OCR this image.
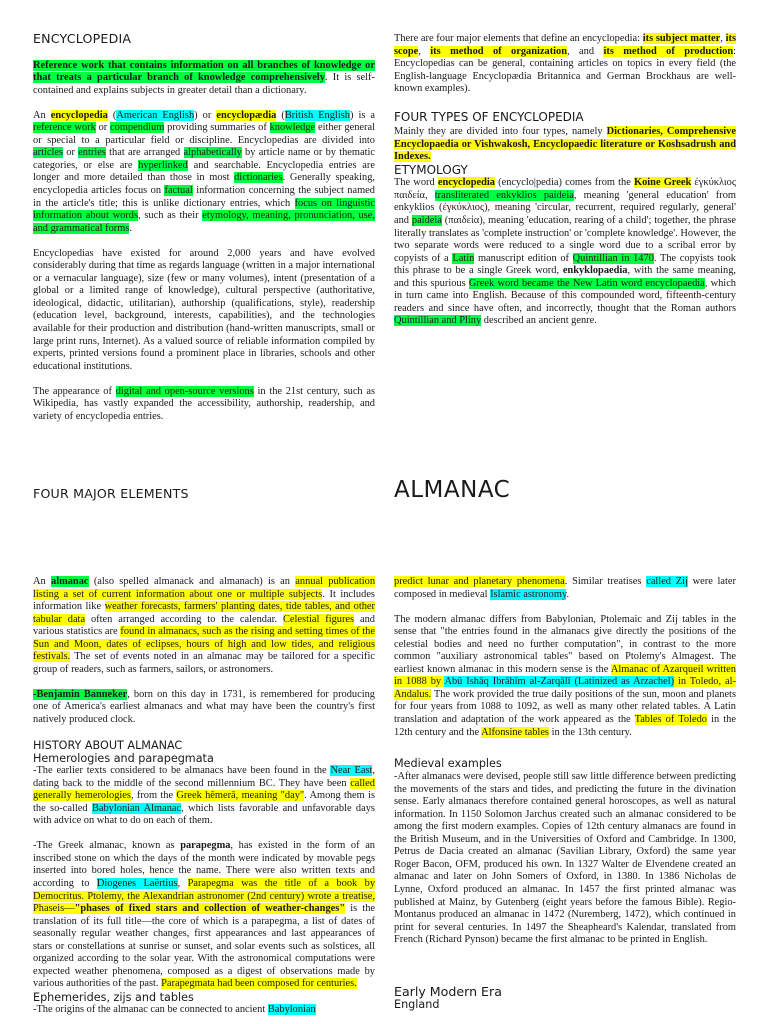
ENCYCLOPEDIA

Reference work that contains information on all branches of knowledge or that treats a particular branch of knowledge comprehensively. It is self-contained and explains subjects in greater detail than a dictionary.

An encyclopedia (American English) or encyclopædia (British English) is a reference work or compendium providing summaries of knowledge either general or special to a particular field or discipline. Encyclopedias are divided into articles or entries that are arranged alphabetically by article name or by thematic categories, or else are hyperlinked and searchable. Encyclopedia entries are longer and more detailed than those in most dictionaries. Generally speaking, encyclopedia articles focus on factual information concerning the subject named in the article's title; this is unlike dictionary entries, which focus on linguistic information about words, such as their etymology, meaning, pronunciation, use, and grammatical forms.

Encyclopedias have existed for around 2,000 years and have evolved considerably during that time as regards language (written in a major international or a vernacular language), size (few or many volumes), intent (presentation of a global or a limited range of knowledge), cultural perspective (authoritative, ideological, didactic, utilitarian), authorship (qualifications, style), readership (education level, background, interests, capabilities), and the technologies available for their production and distribution (hand-written manuscripts, small or large print runs, Internet). As a valued source of reliable information compiled by experts, printed versions found a prominent place in libraries, schools and other educational institutions.

The appearance of digital and open-source versions in the 21st century, such as Wikipedia, has vastly expanded the accessibility, authorship, readership, and variety of encyclopedia entries.

There are four major elements that define an encyclopedia: its subject matter, its scope, its method of organization, and its method of production: Encyclopedias can be general, containing articles on topics in every field (the English-language Encyclopædia Britannica and German Brockhaus are well-known examples).

FOUR TYPES OF ENCYCLOPEDIA

Mainly they are divided into four types, namely Dictionaries, Comprehensive Encyclopaedia or Vishwakosh, Encyclopaedic literature or Koshsadrush and Indexes.

ETYMOLOGY

The word encyclopedia (encyclo|pedia) comes from the Koine Greek ἐγκύκλιος παιδεία, transliterated enkyklios paideia, meaning 'general education' from enkyklios (ἐγκύκλιος), meaning 'circular, recurrent, required regularly, general' and paideia (παιδεία), meaning 'education, rearing of a child'; together, the phrase literally translates as 'complete instruction' or 'complete knowledge'. However, the two separate words were reduced to a single word due to a scribal error by copyists of a Latin manuscript edition of Quintillian in 1470. The copyists took this phrase to be a single Greek word, enkyklopaedia, with the same meaning, and this spurious Greek word became the New Latin word encyclopaedia, which in turn came into English. Because of this compounded word, fifteenth-century readers and since have often, and incorrectly, thought that the Roman authors Quintillian and Pliny described an ancient genre.

FOUR MAJOR ELEMENTS	ALMANAC

An almanac (also spelled almanack and almanach) is an annual publication listing a set of current information about one or multiple subjects. It includes information like weather forecasts, farmers' planting dates, tide tables, and other tabular data often arranged according to the calendar. Celestial figures and various statistics are found in almanacs, such as the rising and setting times of the Sun and Moon, dates of eclipses, hours of high and low tides, and religious festivals. The set of events noted in an almanac may be tailored for a specific group of readers, such as farmers, sailors, or astronomers.

-Benjamin Banneker, born on this day in 1731, is remembered for producing one of America's earliest almanacs and what may have been the country's first natively produced clock.

HISTORY ABOUT ALMANAC
Hemerologies and parapegmata

-The earlier texts considered to be almanacs have been found in the Near East, dating back to the middle of the second millennium BC. They have been called generally hemerologies, from the Greek hēmerā, meaning "day". Among them is the so-called Babylonian Almanac, which lists favorable and unfavorable days with advice on what to do on each of them.

-The Greek almanac, known as parapegma, has existed in the form of an inscribed stone on which the days of the month were indicated by movable pegs inserted into bored holes, hence the name. There were also written texts and according to Diogenes Laërtius, Parapegma was the title of a book by Democritus. Ptolemy, the Alexandrian astronomer (2nd century) wrote a treatise, Phaseis—"phases of fixed stars and collection of weather-changes" is the translation of its full title—the core of which is a parapegma, a list of dates of seasonally regular weather changes, first appearances and last appearances of stars or constellations at sunrise or sunset, and solar events such as solstices, all organized according to the solar year. With the astronomical computations were expected weather phenomena, composed as a digest of observations made by various authorities of the past. Parapegmata had been composed for centuries.

Ephemerides, zijs and tables

-The origins of the almanac can be connected to ancient Babylonian

predict lunar and planetary phenomena. Similar treatises called Zij were later composed in medieval Islamic astronomy.

The modern almanac differs from Babylonian, Ptolemaic and Zij tables in the sense that "the entries found in the almanacs give directly the positions of the celestial bodies and need no further computation", in contrast to the more common "auxiliary astronomical tables" based on Ptolemy's Almagest. The earliest known almanac in this modern sense is the Almanac of Azarqueil written in 1088 by Abū Ishāq Ibrāhīm al-Zarqālī (Latinized as Arzachel) in Toledo, al-Andalus. The work provided the true daily positions of the sun, moon and planets for four years from 1088 to 1092, as well as many other related tables. A Latin translation and adaptation of the work appeared as the Tables of Toledo in the 12th century and the Alfonsine tables in the 13th century.

Medieval examples

-After almanacs were devised, people still saw little difference between predicting the movements of the stars and tides, and predicting the future in the divination sense. Early almanacs therefore contained general horoscopes, as well as natural information. In 1150 Solomon Jarchus created such an almanac considered to be among the first modern examples. Copies of 12th century almanacs are found in the British Museum, and in the Universities of Oxford and Cambridge. In 1300, Petrus de Dacia created an almanac (Savilian Library, Oxford) the same year Roger Bacon, OFM, produced his own. In 1327 Walter de Elvendene created an almanac and later on John Somers of Oxford, in 1380. In 1386 Nicholas de Lynne, Oxford produced an almanac. In 1457 the first printed almanac was published at Mainz, by Gutenberg (eight years before the famous Bible). Regio-Montanus produced an almanac in 1472 (Nuremberg, 1472), which continued in print for several centuries. In 1497 the Sheapheard's Kalendar, translated from French (Richard Pynson) became the first almanac to be printed in English.

Early Modern Era
England
